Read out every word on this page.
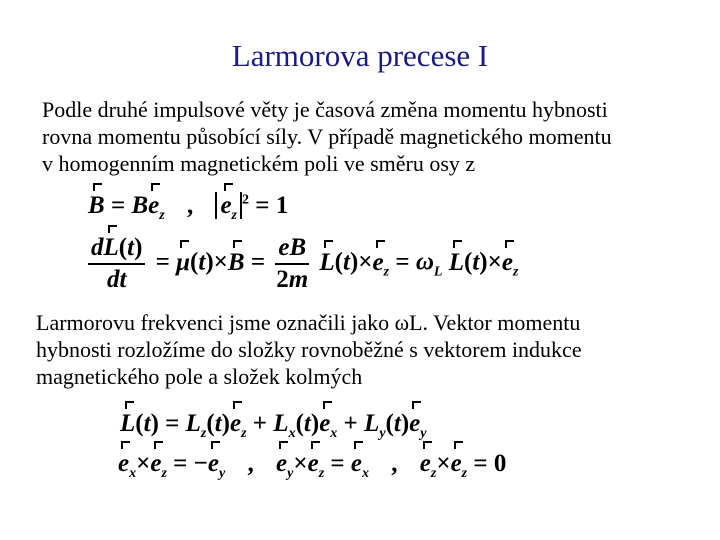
Larmorova precese I
Podle druhé impulsové věty je časová změna momentu hybnosti
rovna momentu působící síly. V případě magnetického momentu
v homogenním magnetickém poli ve směru osy z
$B = Be_z$ , $e_z^2 = 1$
$\frac{dL(t)}{dt} = \mu(t)\times B = \frac{eB}{2m} L(t)\times e_z = \omega_L$ $L(t)\times e_z$
Larmorovu frekvenci jsme označili jako ωL. Vektor momentu
hybnosti rozložíme do složky rovnoběžné s vektorem indukce
magnetického pole a složek kolmých
$L(t) = L_z(t)e_z + L_x(t)e_x + L_y(t)e_y$
$e_x\times e_z = -e_y$ , $e_y\times e_z = e_x$ , $e_z\times e_z = 0$
